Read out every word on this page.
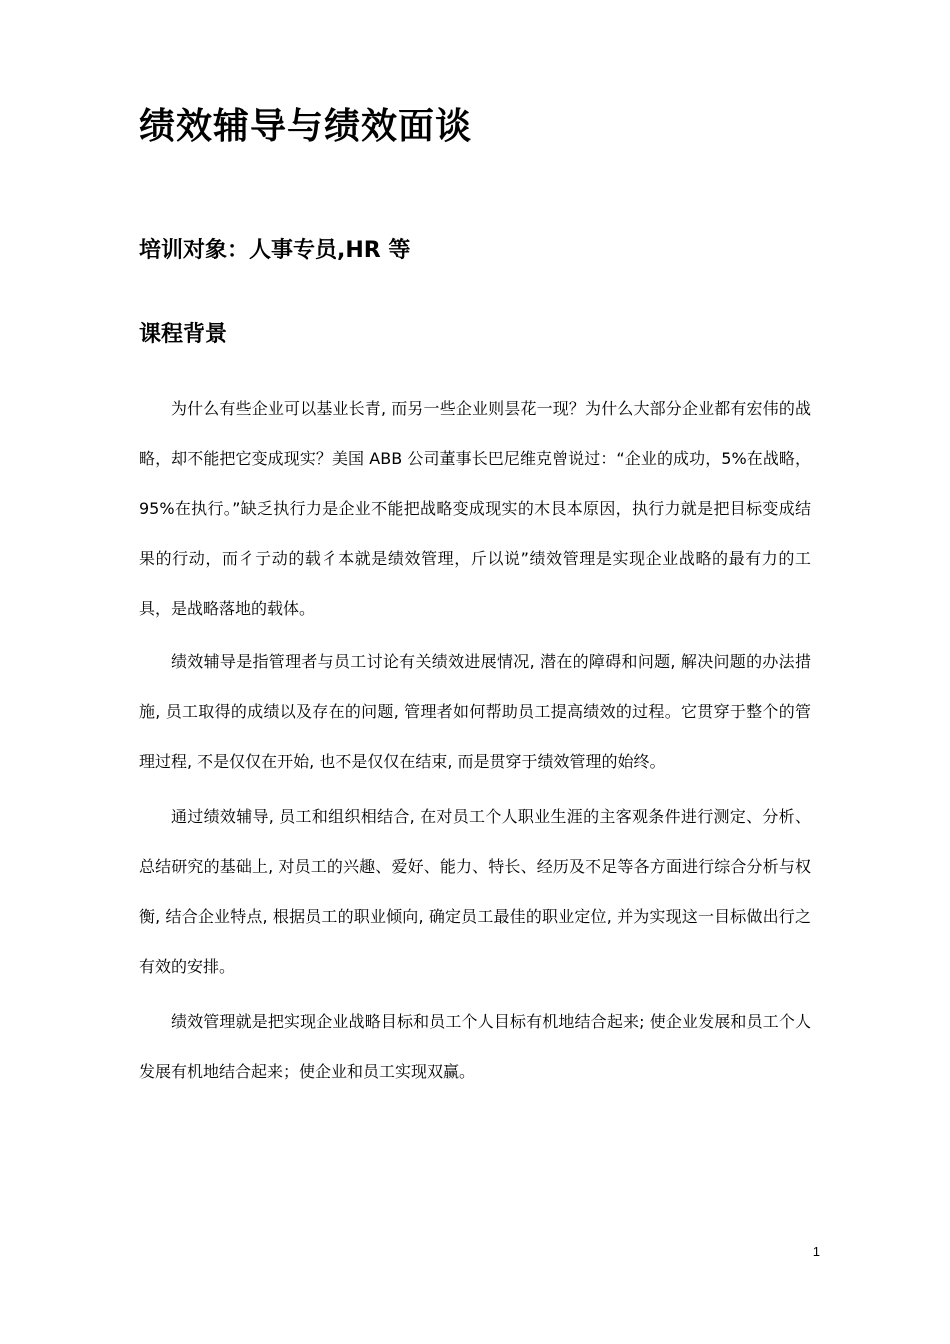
绩效辅导与绩效面谈
培训对象：人事专员,HR 等
课程背景

为什么有些企业可以基业长青, 而另一些企业则昙花一现？为什么大部分企业都有宏伟的战略，却不能把它变成现实？美国 ABB 公司董事长巴尼维克曾说过：“企业的成功，5%在战略，95%在执行。”缺乏执行力是企业不能把战略变成现实的木艮本原因，执行力就是把目标变成结果的行动，而彳亍动的载彳本就是绩效管理，斤以说”绩效管理是实现企业战略的最有力的工具，是战略落地的载体。

绩效辅导是指管理者与员工讨论有关绩效进展情况, 潜在的障碍和问题, 解决问题的办法措施, 员工取得的成绩以及存在的问题, 管理者如何帮助员工提高绩效的过程。它贯穿于整个的管理过程, 不是仅仅在开始, 也不是仅仅在结束, 而是贯穿于绩效管理的始终。

通过绩效辅导, 员工和组织相结合, 在对员工个人职业生涯的主客观条件进行测定、分析、总结研究的基础上, 对员工的兴趣、爱好、能力、特长、经历及不足等各方面进行综合分析与权衡, 结合企业特点, 根据员工的职业倾向, 确定员工最佳的职业定位, 并为实现这一目标做出行之有效的安排。

绩效管理就是把实现企业战略目标和员工个人目标有机地结合起来; 使企业发展和员工个人发展有机地结合起来；使企业和员工实现双赢。

1
